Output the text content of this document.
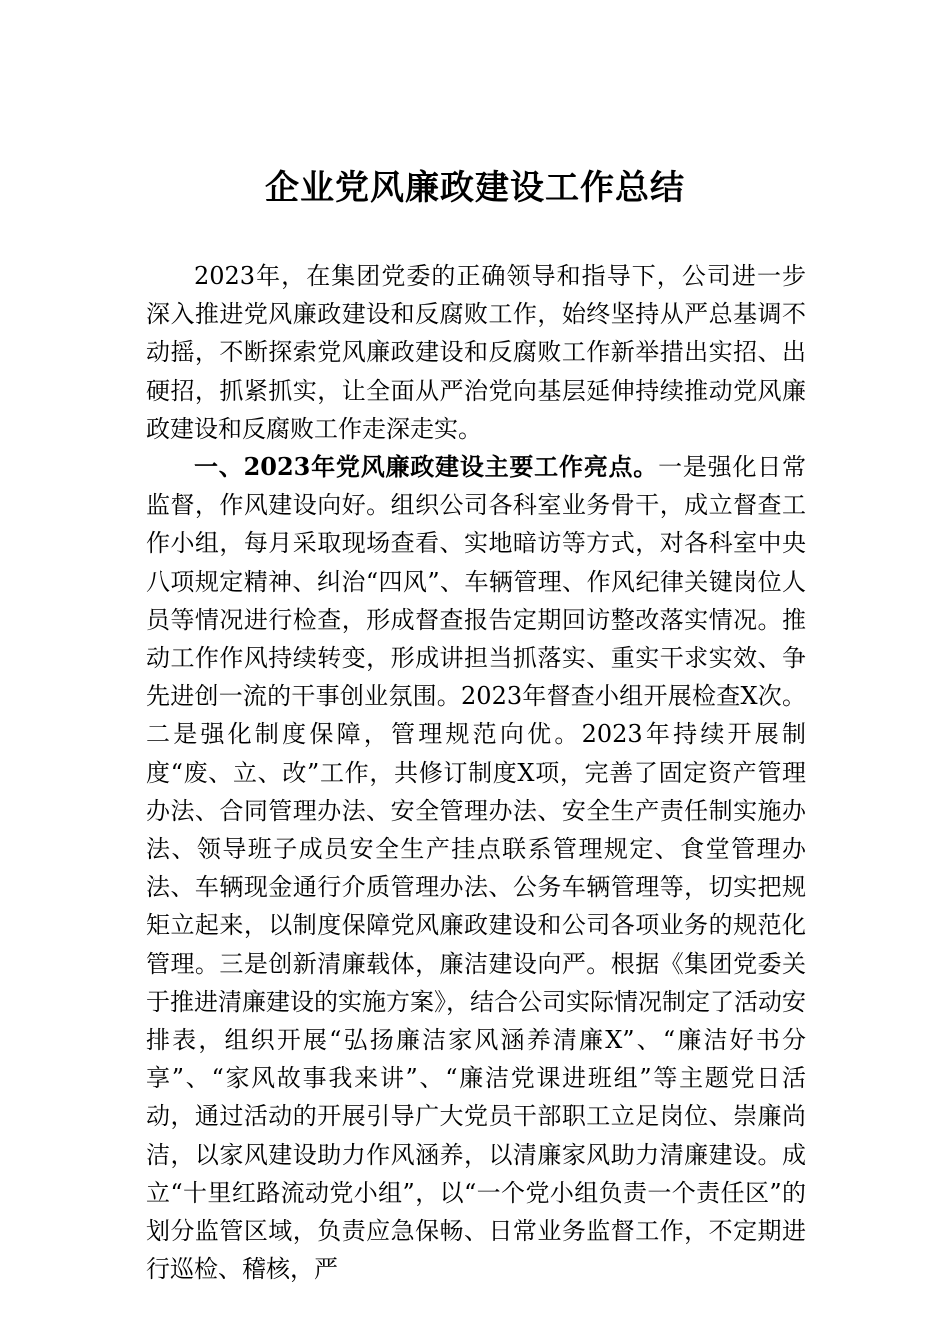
企业党风廉政建设工作总结

2023年，在集团党委的正确领导和指导下，公司进一步深入推进党风廉政建设和反腐败工作，始终坚持从严总基调不动摇，不断探索党风廉政建设和反腐败工作新举措出实招、出硬招，抓紧抓实，让全面从严治党向基层延伸持续推动党风廉政建设和反腐败工作走深走实。

一、2023年党风廉政建设主要工作亮点。一是强化日常监督，作风建设向好。组织公司各科室业务骨干，成立督查工作小组，每月采取现场查看、实地暗访等方式，对各科室中央八项规定精神、纠治“四风”、车辆管理、作风纪律关键岗位人员等情况进行检查，形成督查报告定期回访整改落实情况。推动工作作风持续转变，形成讲担当抓落实、重实干求实效、争先进创一流的干事创业氛围。2023年督查小组开展检查X次。二是强化制度保障，管理规范向优。2023年持续开展制度“废、立、改”工作，共修订制度X项，完善了固定资产管理办法、合同管理办法、安全管理办法、安全生产责任制实施办法、领导班子成员安全生产挂点联系管理规定、食堂管理办法、车辆现金通行介质管理办法、公务车辆管理等，切实把规矩立起来，以制度保障党风廉政建设和公司各项业务的规范化管理。三是创新清廉载体，廉洁建设向严。根据《集团党委关于推进清廉建设的实施方案》，结合公司实际情况制定了活动安排表，组织开展“弘扬廉洁家风涵养清廉X”、“廉洁好书分享”、“家风故事我来讲”、“廉洁党课进班组”等主题党日活动，通过活动的开展引导广大党员干部职工立足岗位、崇廉尚洁，以家风建设助力作风涵养，以清廉家风助力清廉建设。成立“十里红路流动党小组”，以“一个党小组负责一个责任区”的划分监管区域，负责应急保畅、日常业务监督工作，不定期进行巡检、稽核，严
